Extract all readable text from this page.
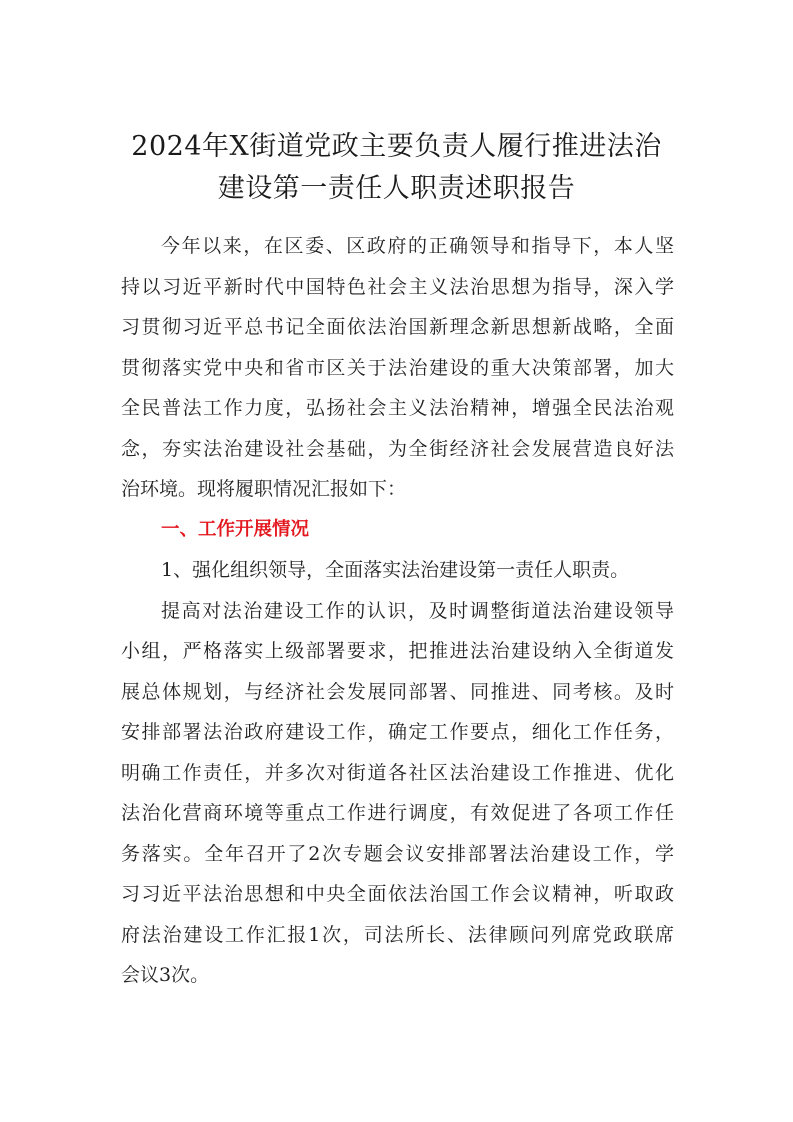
2024年X街道党政主要负责人履行推进法治
建设第一责任人职责述职报告
今年以来，在区委、区政府的正确领导和指导下，本人坚
持以习近平新时代中国特色社会主义法治思想为指导，深入学
习贯彻习近平总书记全面依法治国新理念新思想新战略，全面
贯彻落实党中央和省市区关于法治建设的重大决策部署，加大
全民普法工作力度，弘扬社会主义法治精神，增强全民法治观
念，夯实法治建设社会基础，为全街经济社会发展营造良好法
治环境。现将履职情况汇报如下：
一、工作开展情况
1、强化组织领导，全面落实法治建设第一责任人职责。
提高对法治建设工作的认识，及时调整街道法治建设领导
小组，严格落实上级部署要求，把推进法治建设纳入全街道发
展总体规划，与经济社会发展同部署、同推进、同考核。及时
安排部署法治政府建设工作，确定工作要点，细化工作任务，
明确工作责任，并多次对街道各社区法治建设工作推进、优化
法治化营商环境等重点工作进行调度，有效促进了各项工作任
务落实。全年召开了2次专题会议安排部署法治建设工作，学
习习近平法治思想和中央全面依法治国工作会议精神，听取政
府法治建设工作汇报1次，司法所长、法律顾问列席党政联席
会议3次。
